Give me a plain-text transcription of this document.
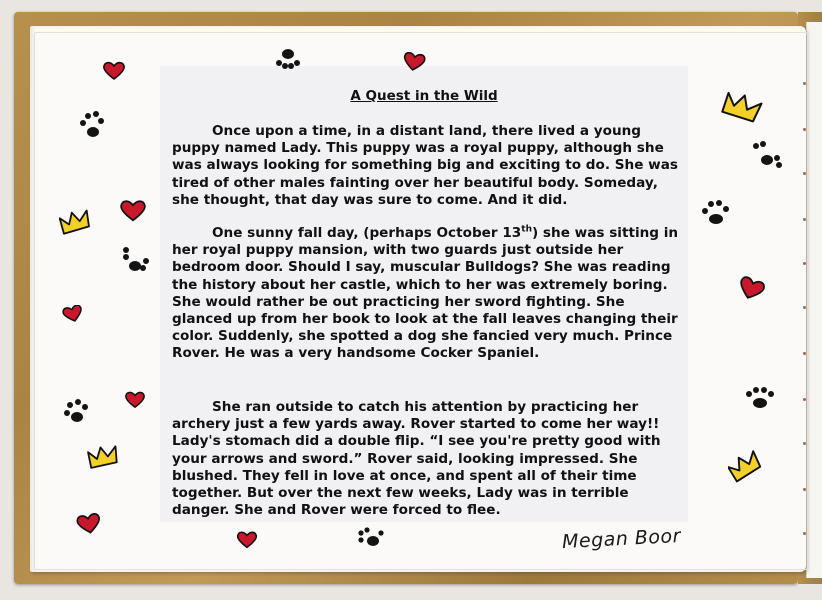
A Quest in the Wild

Once upon a time, in a distant land, there lived a young puppy named Lady. This puppy was a royal puppy, although she was always looking for something big and exciting to do. She was tired of other males fainting over her beautiful body. Someday, she thought, that day was sure to come. And it did.

One sunny fall day, (perhaps October 13th) she was sitting in her royal puppy mansion, with two guards just outside her bedroom door. Should I say, muscular Bulldogs? She was reading the history about her castle, which to her was extremely boring. She would rather be out practicing her sword fighting. She glanced up from her book to look at the fall leaves changing their color. Suddenly, she spotted a dog she fancied very much. Prince Rover. He was a very handsome Cocker Spaniel.

She ran outside to catch his attention by practicing her archery just a few yards away. Rover started to come her way!! Lady's stomach did a double flip. “I see you're pretty good with your arrows and sword.” Rover said, looking impressed. She blushed. They fell in love at once, and spent all of their time together. But over the next few weeks, Lady was in terrible danger. She and Rover were forced to flee.

Megan Boor
